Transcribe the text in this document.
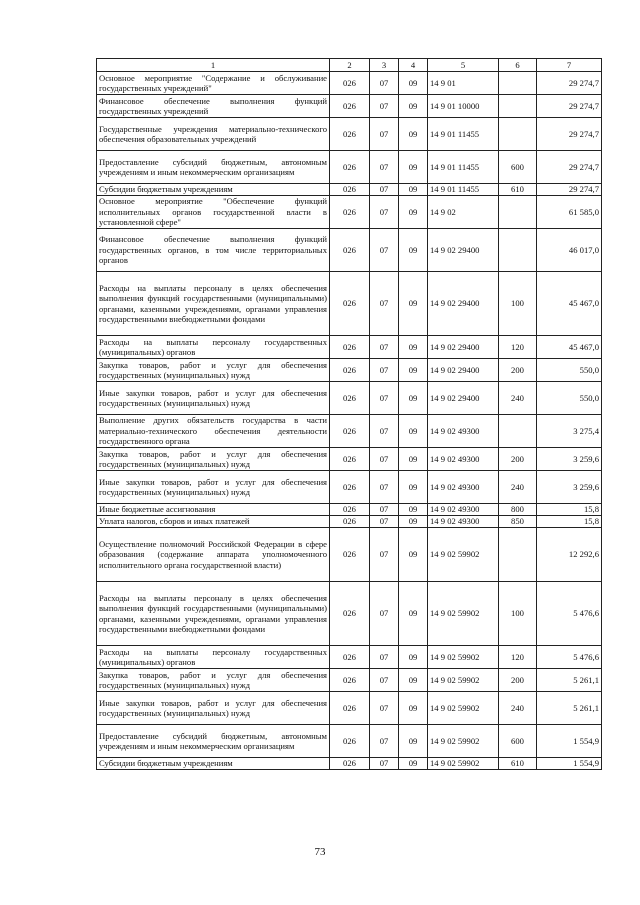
1	2	3	4	5	6	7
Основное мероприятие "Содержание и обслуживание государственных учреждений"	026	07	09	14 9 01		29 274,7
Финансовое обеспечение выполнения функций государственных учреждений	026	07	09	14 9 01 10000		29 274,7
Государственные учреждения материально-технического обеспечения образовательных учреждений	026	07	09	14 9 01 11455		29 274,7
Предоставление субсидий бюджетным, автономным учреждениям и иным некоммерческим организациям	026	07	09	14 9 01 11455	600	29 274,7
Субсидии бюджетным учреждениям	026	07	09	14 9 01 11455	610	29 274,7
Основное мероприятие "Обеспечение функций исполнительных органов государственной власти в установленной сфере"	026	07	09	14 9 02		61 585,0
Финансовое обеспечение выполнения функций государственных органов, в том числе территориальных органов	026	07	09	14 9 02 29400		46 017,0
Расходы на выплаты персоналу в целях обеспечения выполнения функций государственными (муниципальными) органами, казенными учреждениями, органами управления государственными внебюджетными фондами	026	07	09	14 9 02 29400	100	45 467,0
Расходы на выплаты персоналу государственных (муниципальных) органов	026	07	09	14 9 02 29400	120	45 467,0
Закупка товаров, работ и услуг для обеспечения государственных (муниципальных) нужд	026	07	09	14 9 02 29400	200	550,0
Иные закупки товаров, работ и услуг для обеспечения государственных (муниципальных) нужд	026	07	09	14 9 02 29400	240	550,0
Выполнение других обязательств государства в части материально-технического обеспечения деятельности государственного органа	026	07	09	14 9 02 49300		3 275,4
Закупка товаров, работ и услуг для обеспечения государственных (муниципальных) нужд	026	07	09	14 9 02 49300	200	3 259,6
Иные закупки товаров, работ и услуг для обеспечения государственных (муниципальных) нужд	026	07	09	14 9 02 49300	240	3 259,6
Иные бюджетные ассигнования	026	07	09	14 9 02 49300	800	15,8
Уплата налогов, сборов и иных платежей	026	07	09	14 9 02 49300	850	15,8
Осуществление полномочий Российской Федерации в сфере образования (содержание аппарата уполномоченного исполнительного органа государственной власти)	026	07	09	14 9 02 59902		12 292,6
Расходы на выплаты персоналу в целях обеспечения выполнения функций государственными (муниципальными) органами, казенными учреждениями, органами управления государственными внебюджетными фондами	026	07	09	14 9 02 59902	100	5 476,6
Расходы на выплаты персоналу государственных (муниципальных) органов	026	07	09	14 9 02 59902	120	5 476,6
Закупка товаров, работ и услуг для обеспечения государственных (муниципальных) нужд	026	07	09	14 9 02 59902	200	5 261,1
Иные закупки товаров, работ и услуг для обеспечения государственных (муниципальных) нужд	026	07	09	14 9 02 59902	240	5 261,1
Предоставление субсидий бюджетным, автономным учреждениям и иным некоммерческим организациям	026	07	09	14 9 02 59902	600	1 554,9
Субсидии бюджетным учреждениям	026	07	09	14 9 02 59902	610	1 554,9
73
